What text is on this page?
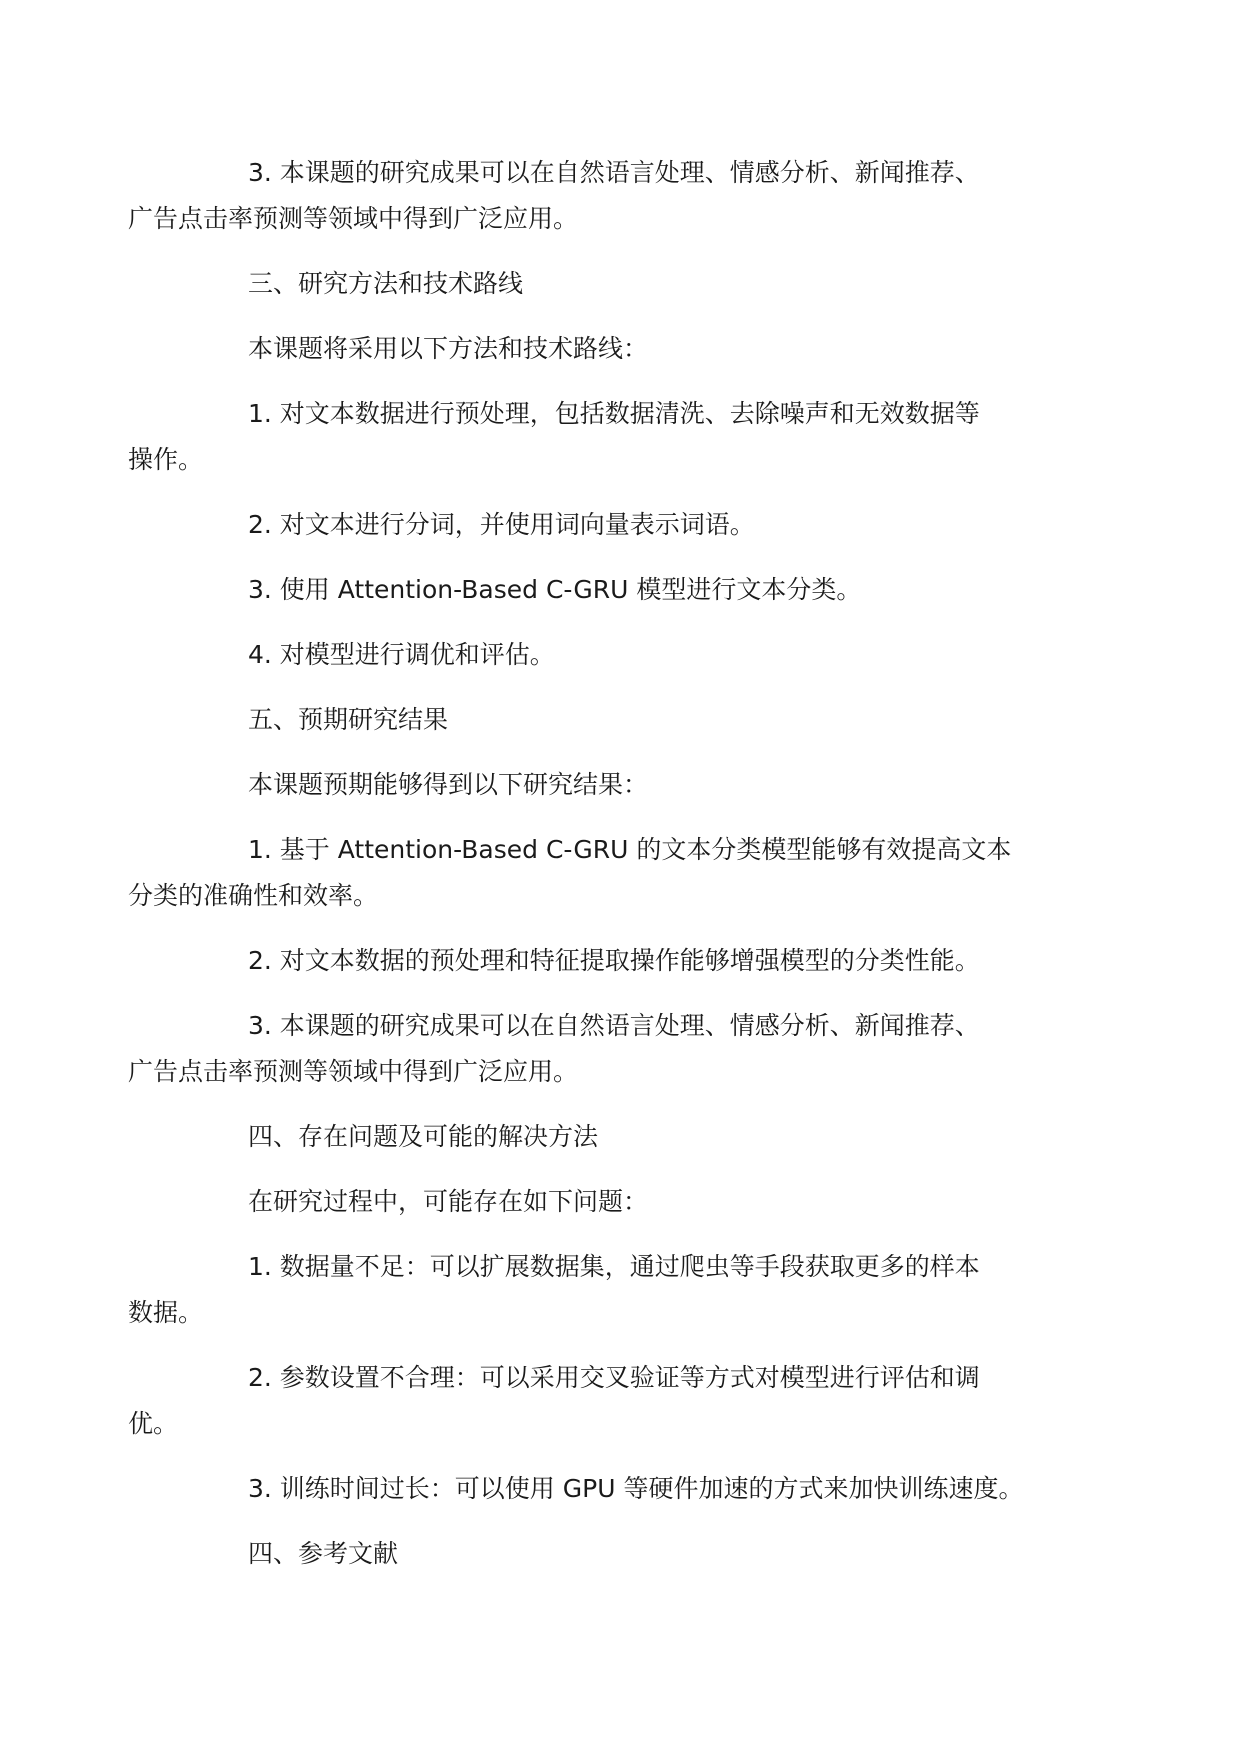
3. 本课题的研究成果可以在自然语言处理、情感分析、新闻推荐、
广告点击率预测等领域中得到广泛应用。
三、研究方法和技术路线
本课题将采用以下方法和技术路线：
1. 对文本数据进行预处理，包括数据清洗、去除噪声和无效数据等
操作。
2. 对文本进行分词，并使用词向量表示词语。
3. 使用 Attention-Based C-GRU 模型进行文本分类。
4. 对模型进行调优和评估。
五、预期研究结果
本课题预期能够得到以下研究结果：
1. 基于 Attention-Based C-GRU 的文本分类模型能够有效提高文本
分类的准确性和效率。
2. 对文本数据的预处理和特征提取操作能够增强模型的分类性能。
3. 本课题的研究成果可以在自然语言处理、情感分析、新闻推荐、
广告点击率预测等领域中得到广泛应用。
四、存在问题及可能的解决方法
在研究过程中，可能存在如下问题：
1. 数据量不足：可以扩展数据集，通过爬虫等手段获取更多的样本
数据。
2. 参数设置不合理：可以采用交叉验证等方式对模型进行评估和调
优。
3. 训练时间过长：可以使用 GPU 等硬件加速的方式来加快训练速度。
四、参考文献
